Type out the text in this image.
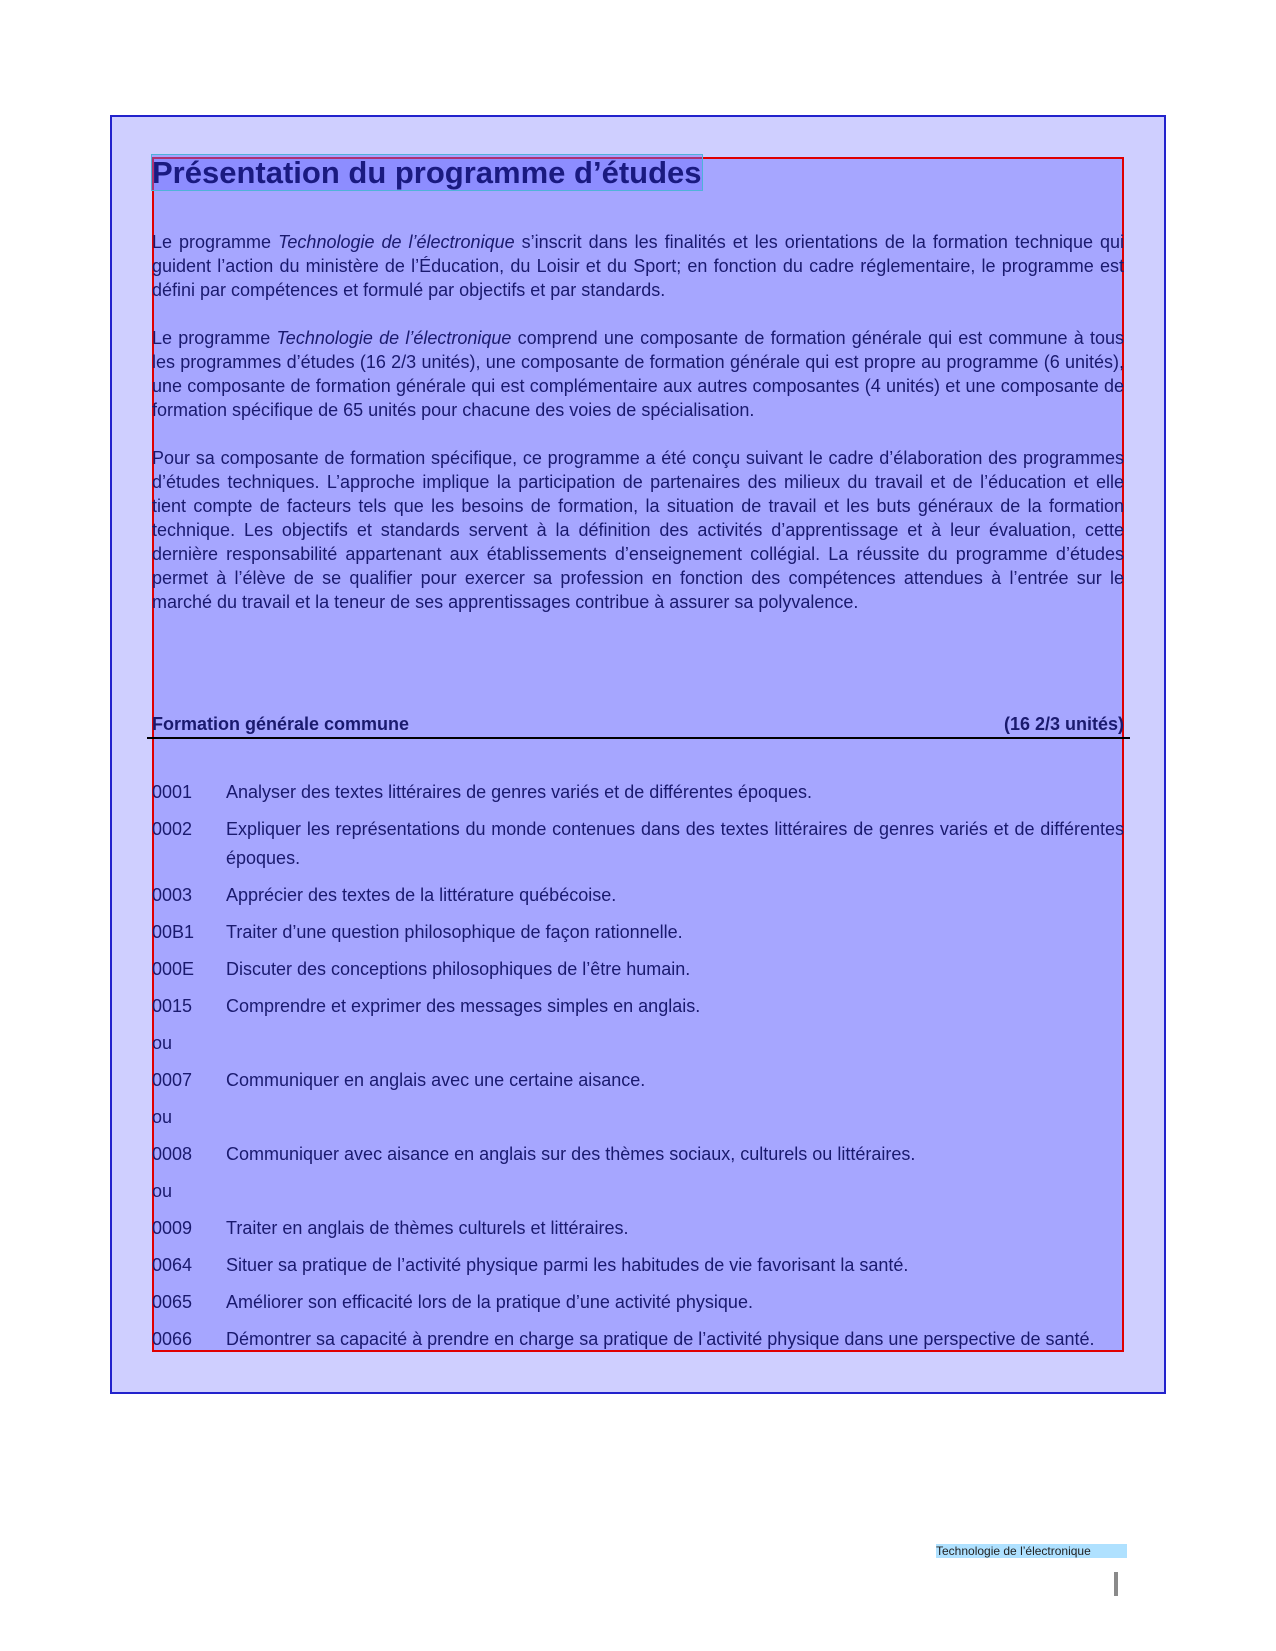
Présentation du programme d’études

Le programme Technologie de l’électronique s’inscrit dans les finalités et les orientations de la formation technique qui guident l’action du ministère de l’Éducation, du Loisir et du Sport; en fonction du cadre réglementaire, le programme est défini par compétences et formulé par objectifs et par standards.

Le programme Technologie de l’électronique comprend une composante de formation générale qui est commune à tous les programmes d’études (16 2/3 unités), une composante de formation générale qui est propre au programme (6 unités), une composante de formation générale qui est complémentaire aux autres composantes (4 unités) et une composante de formation spécifique de 65 unités pour chacune des voies de spécialisation.

Pour sa composante de formation spécifique, ce programme a été conçu suivant le cadre d’élaboration des programmes d’études techniques. L’approche implique la participation de partenaires des milieux du travail et de l’éducation et elle tient compte de facteurs tels que les besoins de formation, la situation de travail et les buts généraux de la formation technique. Les objectifs et standards servent à la définition des activités d’apprentissage et à leur évaluation, cette dernière responsabilité appartenant aux établissements d’enseignement collégial. La réussite du programme d’études permet à l’élève de se qualifier pour exercer sa profession en fonction des compétences attendues à l’entrée sur le marché du travail et la teneur de ses apprentissages contribue à assurer sa polyvalence.

Formation générale commune	(16 2/3 unités)
0001	Analyser des textes littéraires de genres variés et de différentes époques.
0002	Expliquer les représentations du monde contenues dans des textes littéraires de genres variés et de différentes époques.
0003	Apprécier des textes de la littérature québécoise.
00B1	Traiter d’une question philosophique de façon rationnelle.
000E	Discuter des conceptions philosophiques de l’être humain.
0015	Comprendre et exprimer des messages simples en anglais.
ou
0007	Communiquer en anglais avec une certaine aisance.
ou
0008	Communiquer avec aisance en anglais sur des thèmes sociaux, culturels ou littéraires.
ou
0009	Traiter en anglais de thèmes culturels et littéraires.
0064	Situer sa pratique de l’activité physique parmi les habitudes de vie favorisant la santé.
0065	Améliorer son efficacité lors de la pratique d’une activité physique.
0066	Démontrer sa capacité à prendre en charge sa pratique de l’activité physique dans une perspective de santé.
Technologie de l’électronique
